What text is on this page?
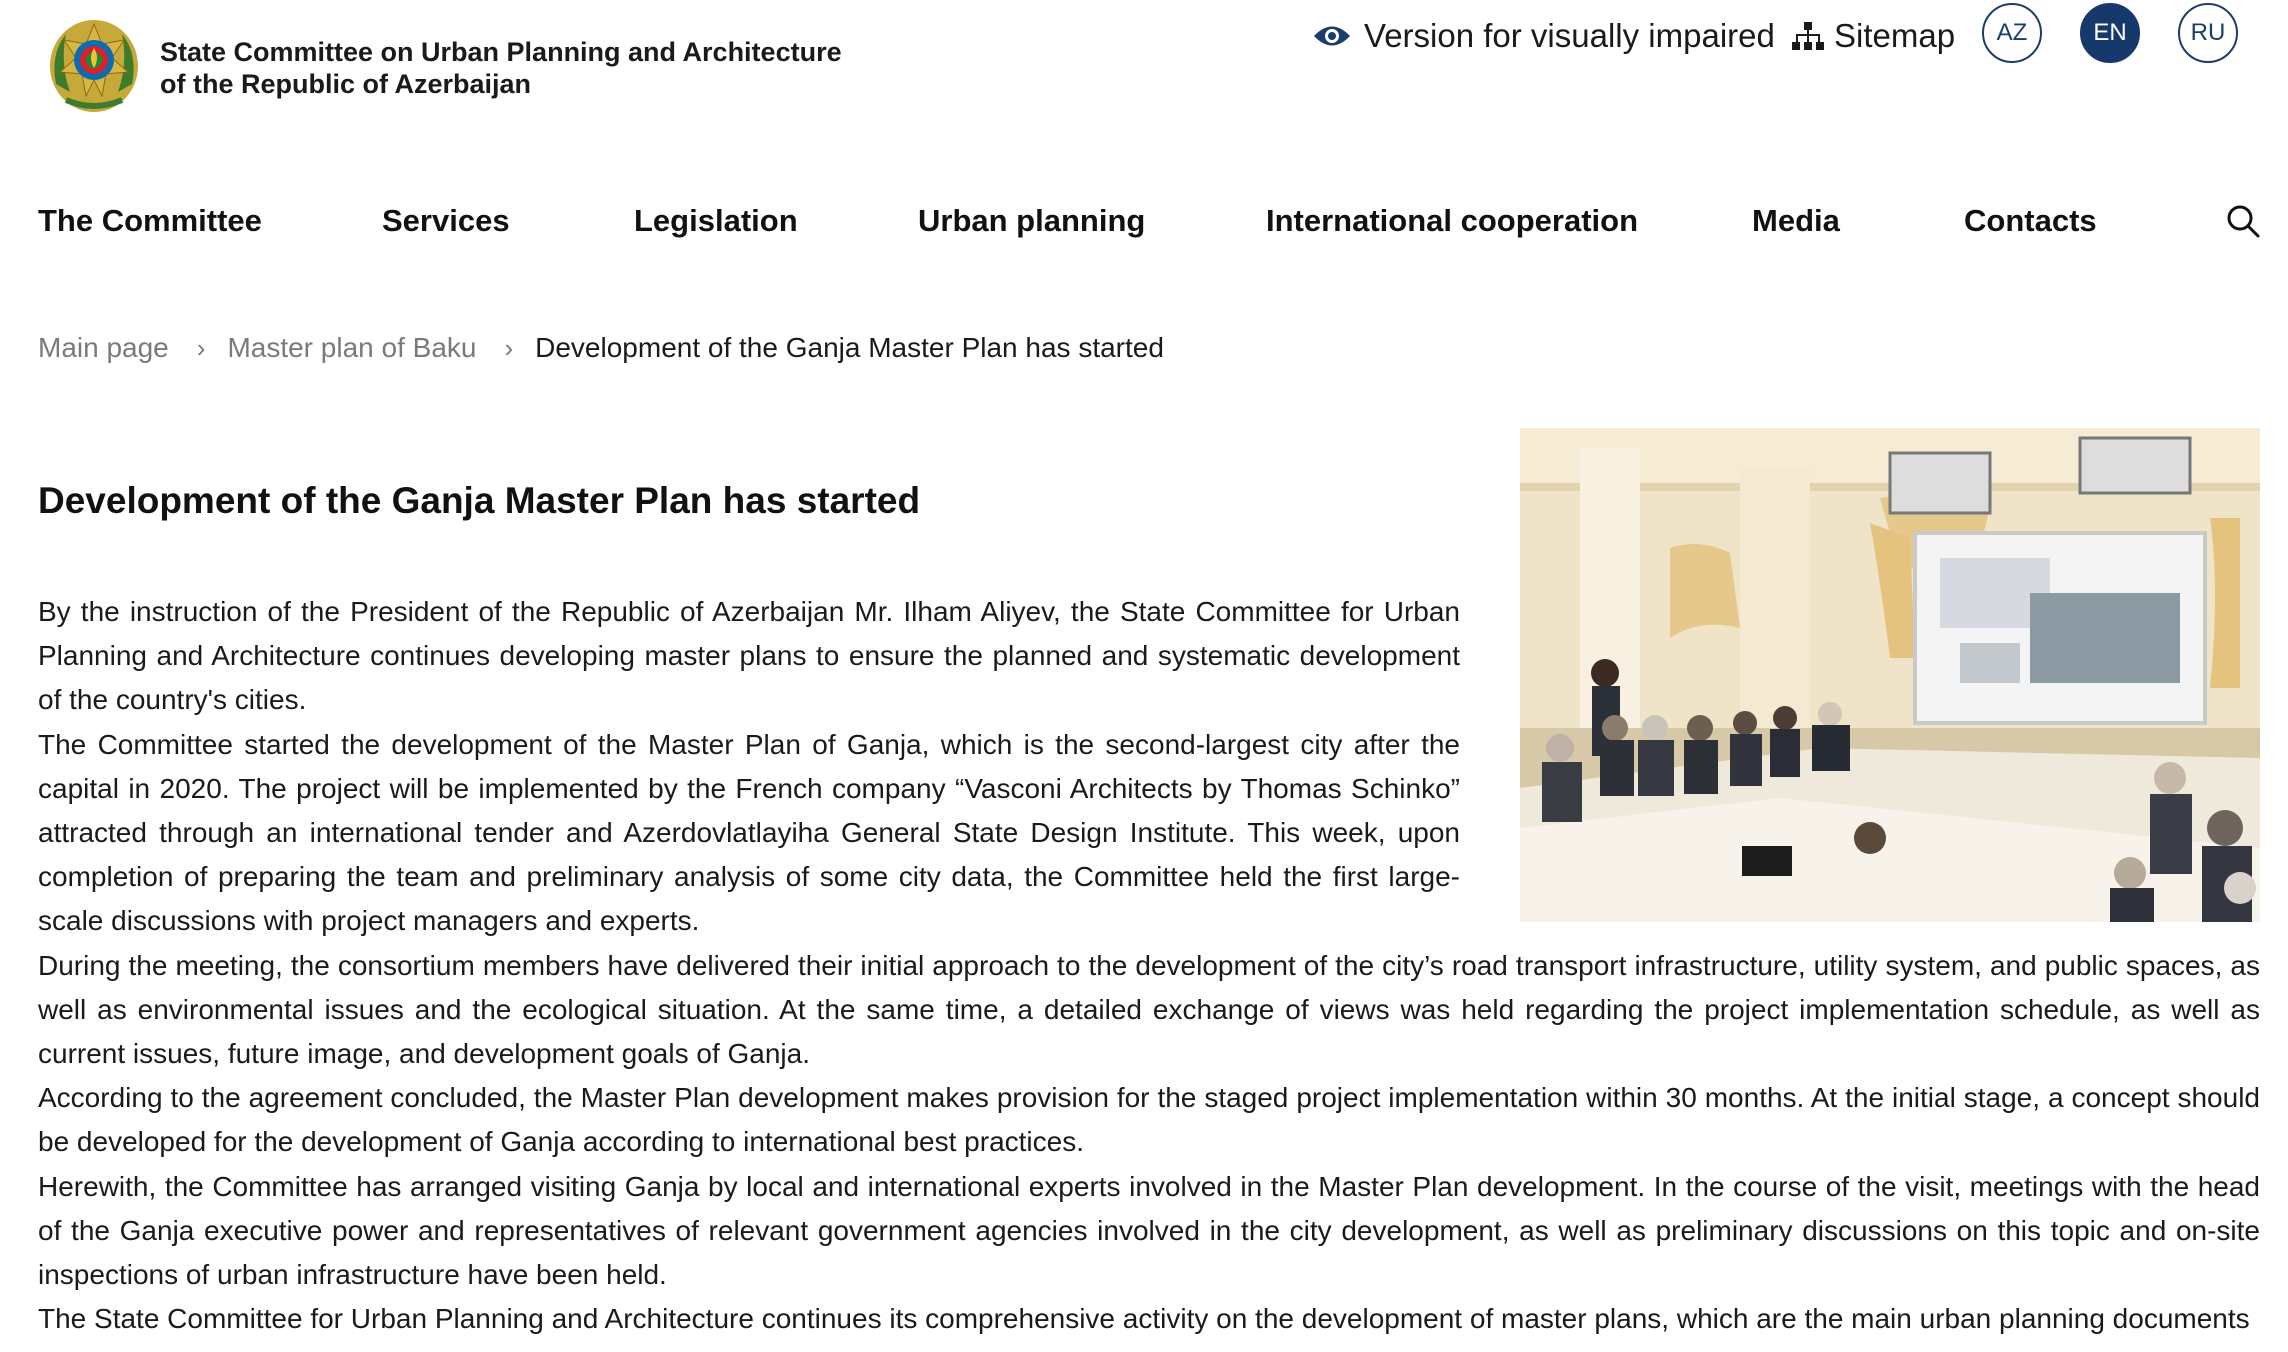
State Committee on Urban Planning and Architecture
of the Republic of Azerbaijan
Version for visually impaired Sitemap	AZ	EN	RU
The Committee	Services	Legislation	Urban planning	International cooperation	Media	Contacts
Main page › Master plan of Baku › Development of the Ganja Master Plan has started
Development of the Ganja Master Plan has started

By the instruction of the President of the Republic of Azerbaijan Mr. Ilham Aliyev, the State Committee for Urban Planning and Architecture continues developing master plans to ensure the planned and systematic development of the country's cities.

The Committee started the development of the Master Plan of Ganja, which is the second-largest city after the capital in 2020. The project will be implemented by the French company “Vasconi Architects by Thomas Schinko” attracted through an international tender and Azerdovlatlayiha General State Design Institute. This week, upon completion of preparing the team and preliminary analysis of some city data, the Committee held the first large-scale discussions with project managers and experts.

During the meeting, the consortium members have delivered their initial approach to the development of the city’s road transport infrastructure, utility system, and public spaces, as well as environmental issues and the ecological situation. At the same time, a detailed exchange of views was held regarding the project implementation schedule, as well as current issues, future image, and development goals of Ganja.

According to the agreement concluded, the Master Plan development makes provision for the staged project implementation within 30 months. At the initial stage, a concept should be developed for the development of Ganja according to international best practices.

Herewith, the Committee has arranged visiting Ganja by local and international experts involved in the Master Plan development. In the course of the visit, meetings with the head of the Ganja executive power and representatives of relevant government agencies involved in the city development, as well as preliminary discussions on this topic and on-site inspections of urban infrastructure have been held.

The State Committee for Urban Planning and Architecture continues its comprehensive activity on the development of master plans, which are the main urban planning documents
